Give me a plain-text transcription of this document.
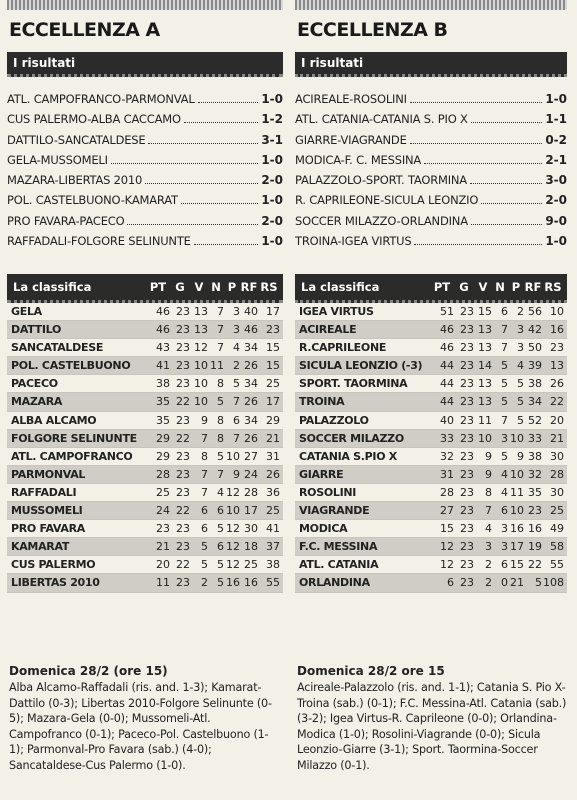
ECCELLENZA A
I risultati
ATL. CAMPOFRANCO-PARMONVAL	1-0
CUS PALERMO-ALBA CACCAMO	1-2
DATTILO-SANCATALDESE	3-1
GELA-MUSSOMELI	1-0
MAZARA-LIBERTAS 2010	2-0
POL. CASTELBUONO-KAMARAT	1-0
PRO FAVARA-PACECO	2-0
RAFFADALI-FOLGORE SELINUNTE	1-0
La classifica	PT G V N P RF RS
GELA	46 23 13 7 3 40 17
DATTILO	46 23 13 7 3 46 23
SANCATALDESE	43 23 12 7 4 34 15
POL. CASTELBUONO	41 23 10 11 2 26 15
PACECO	38 23 10 8 5 34 25
MAZARA	35 22 10 5 7 26 17
ALBA ALCAMO	35 23	9 8 6 34 29
FOLGORE SELINUNTE	29 22	7 8 7 26 21
ATL. CAMPOFRANCO	29 23	8 5 10 27 31
PARMONVAL	28 23	7 7 9 24 26
RAFFADALI	25 23	7 4 12 28 36
MUSSOMELI	24 22	6 6 10 17 25
PRO FAVARA	23 23	6 5 12 30 41
KAMARAT	21 23	5 6 12 18 37
CUS PALERMO	20 22	5 5 12 25 38
LIBERTAS 2010	11 23	2 5 16 16 55
Domenica 28/2 (ore 15)
Alba Alcamo-Raffadali (ris. and. 1-3); Kamarat-Dattilo (0-3); Libertas 2010-Folgore Selinunte (0-5); Mazara-Gela (0-0); Mussomeli-Atl. Campofranco (0-1); Paceco-Pol. Castelbuono (1-1); Parmonval-Pro Favara (sab.) (4-0); Sancataldese-Cus Palermo (1-0).
ECCELLENZA B
I risultati
ACIREALE-ROSOLINI	1-0
ATL. CATANIA-CATANIA S. PIO X	1-1
GIARRE-VIAGRANDE	0-2
MODICA-F. C. MESSINA	2-1
PALAZZOLO-SPORT. TAORMINA	3-0
R. CAPRILEONE-SICULA LEONZIO	2-0
SOCCER MILAZZO-ORLANDINA	9-0
TROINA-IGEA VIRTUS	1-0
La classifica	PT G V N P RF RS
IGEA VIRTUS	51 23 15 6 2 56 10
ACIREALE	46 23 13 7 3 42 16
R.CAPRILEONE	46 23 13 7 3 50 23
SICULA LEONZIO (-3)	44 23 14 5 4 39 13
SPORT. TAORMINA	44 23 13 5 5 38 26
TROINA	44 23 13 5 5 34 22
PALAZZOLO	40 23 11 7 5 52 20
SOCCER MILAZZO	33 23 10 3 10 33 21
CATANIA S.PIO X	32 23	9 5 9 38 30
GIARRE	31 23	9 4 10 32 28
ROSOLINI	28 23	8 4 11 35 30
VIAGRANDE	27 23	7 6 10 23 25
MODICA	15 23	4 3 16 16 49
F.C. MESSINA	12 23	3 3 17 19 58
ATL. CATANIA	12 23	2 6 15 22 55
ORLANDINA	6 23	2 0 21	5 108
Domenica 28/2 ore 15
Acireale-Palazzolo (ris. and. 1-1); Catania S. Pio X-Troina (sab.) (0-1); F.C. Messina-Atl. Catania (sab.) (3-2); Igea Virtus-R. Caprileone (0-0); Orlandina-Modica (1-0); Rosolini-Viagrande (0-0); Sicula Leonzio-Giarre (3-1); Sport. Taormina-Soccer Milazzo (0-1).
